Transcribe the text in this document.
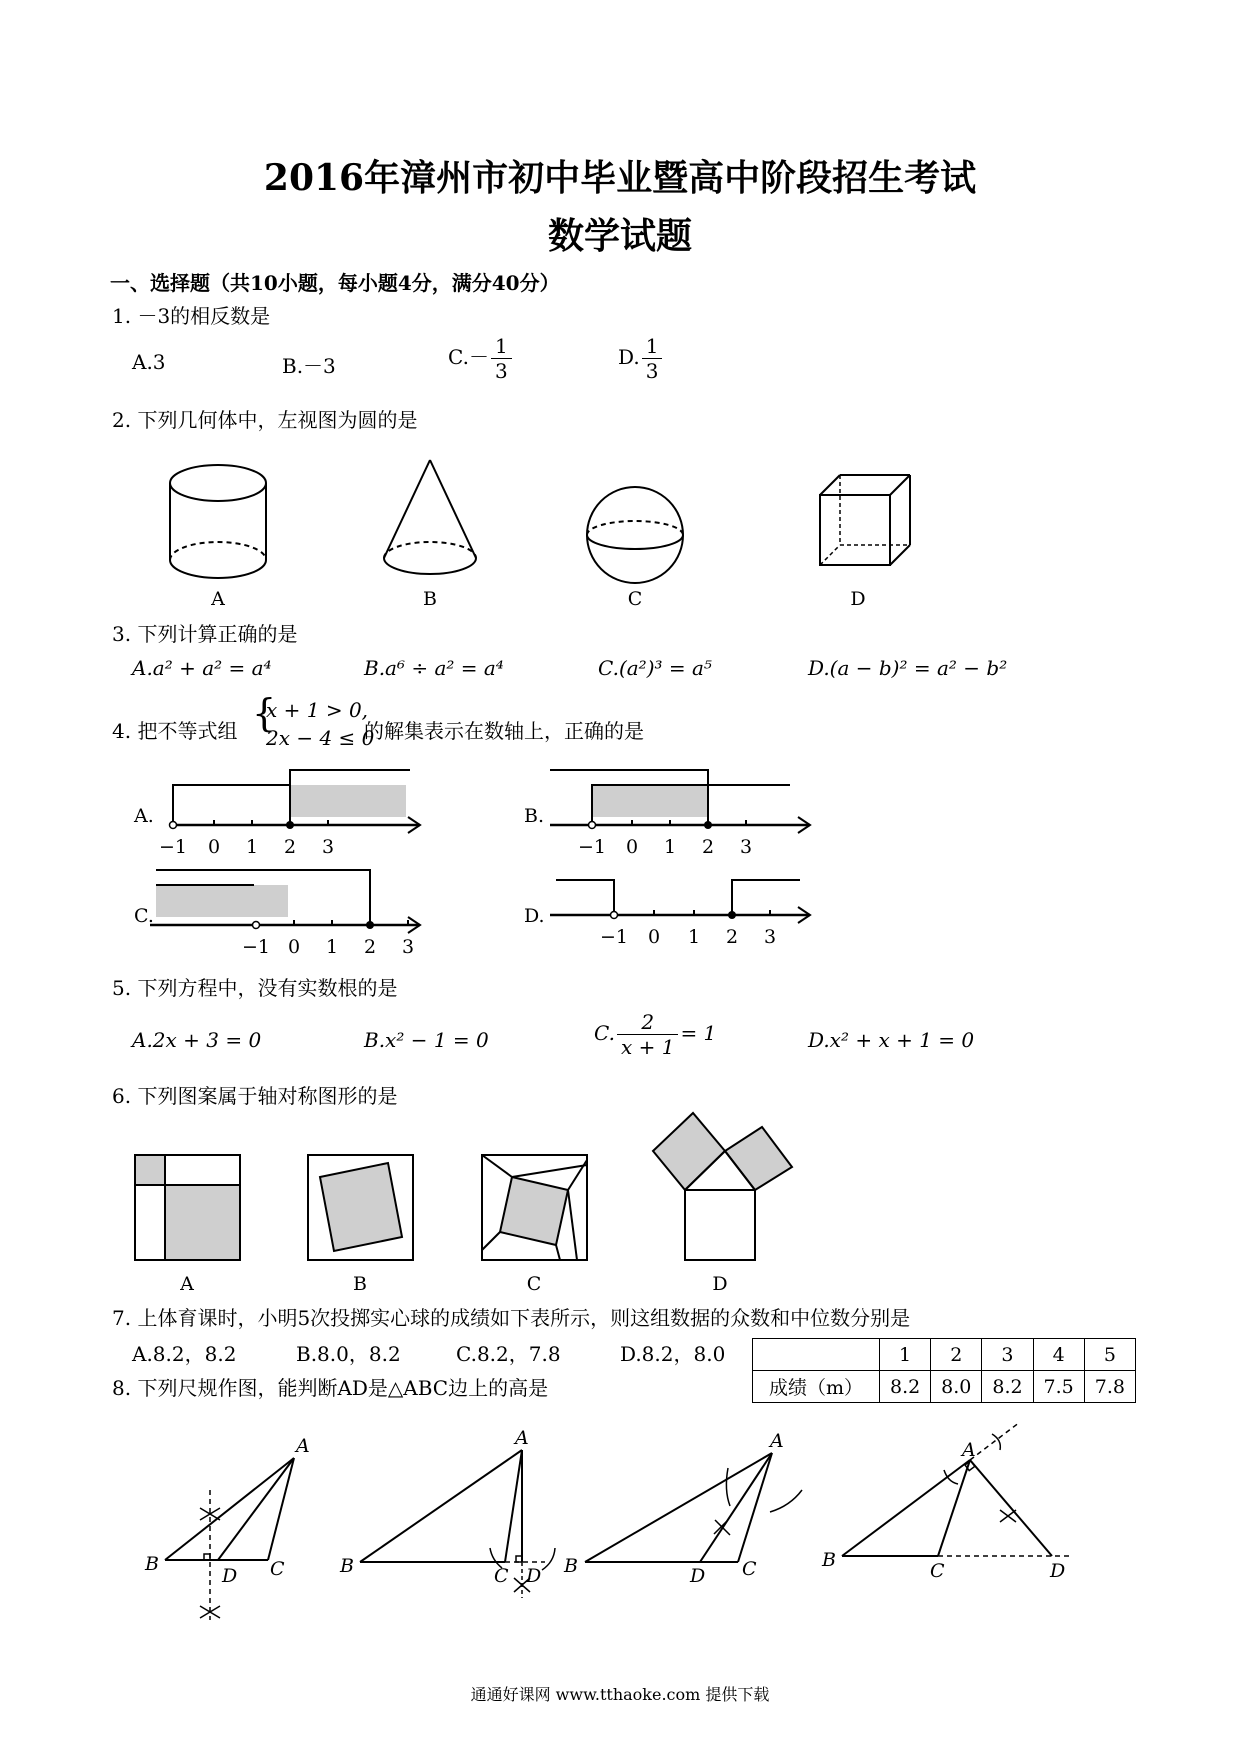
2016年漳州市初中毕业暨高中阶段招生考试
数学试题
一、选择题（共10小题，每小题4分，满分40分）
1. －3的相反数是
A.3	B.－3	$C.- \frac{1}{3}$	D. $\frac{1}{3}$
2. 下列几何体中，左视图为圆的是
A	B	C	D
3. 下列计算正确的是
A.a² + a² = a⁴	B.a⁶ ÷ a² = a⁴	C.(a²)³ = a⁵	D.(a − b)² = a² − b²
4. 把不等式组 {
x + 1 > 0,
2x − 4 ≤ 0
的解集表示在数轴上，正确的是
A.
−1 0 1 2 3
B.
−1 0 1 2 3
C.
−1 0 1 2 3
D.
−1 0 1 2 3
5. 下列方程中，没有实数根的是
A.2x + 3 = 0	B.x² − 1 = 0	C. $\frac{2}{x + 1} = 1$	D.x² + x + 1 = 0
6. 下列图案属于轴对称图形的是
A	B	C	D
7. 上体育课时，小明5次投掷实心球的成绩如下表所示，则这组数据的众数和中位数分别是
A.8.2，8.2	B.8.0，8.2	C.8.2，7.8	D.8.2，8.0
		1	2	3	4	5
成绩（m）	8.2	8.0	8.2	7.5	7.8
8. 下列尺规作图，能判断AD是△ABC边上的高是
A
B	C
D
A
B	C D
A
B	C
D
A
B	C	D
通通好课网 www.tthaoke.com 提供下载
